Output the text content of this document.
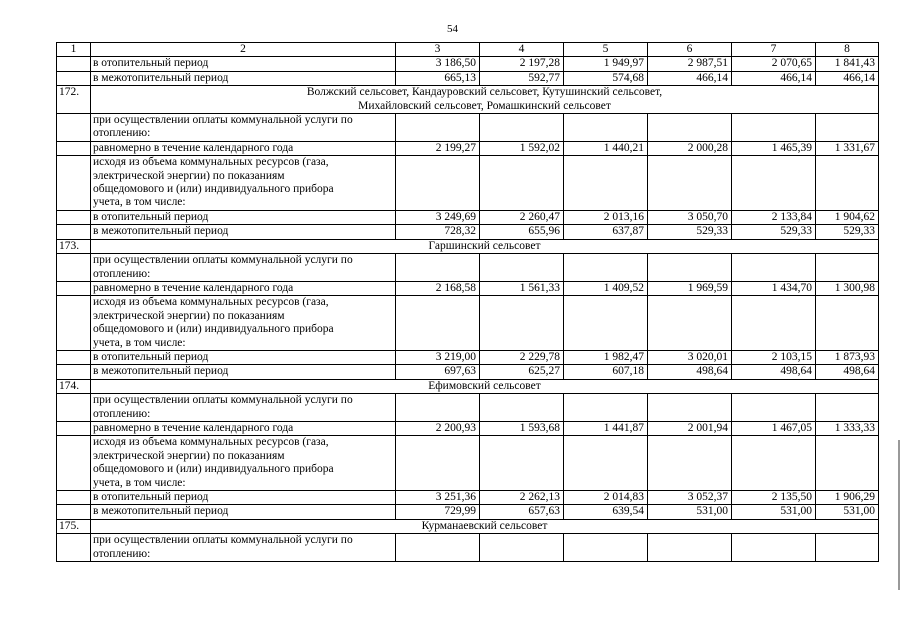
54
1	2	3	4	5	6	7	8
	в отопительный период	3 186,50	2 197,28	1 949,97	2 987,51	2 070,65	1 841,43
	в межотопительный период	665,13	592,77	574,68	466,14	466,14	466,14
172.	Волжский сельсовет, Кандауровский сельсовет, Кутушинский сельсовет,
Михайловский сельсовет, Ромашкинский сельсовет						

	при осуществлении оплаты коммунальной услуги по
отоплению:						

	равномерно в течение календарного года	2 199,27	1 592,02	1 440,21	2 000,28	1 465,39	1 331,67

	исходя из объема коммунальных ресурсов (газа,
электрической энергии) по показаниям
общедомового и (или) индивидуального прибора
учета, в том числе:						

	в отопительный период	3 249,69	2 260,47	2 013,16	3 050,70	2 133,84	1 904,62
	в межотопительный период	728,32	655,96	637,87	529,33	529,33	529,33
173.	Гаршинский сельсовет						

	при осуществлении оплаты коммунальной услуги по
отоплению:						

	равномерно в течение календарного года	2 168,58	1 561,33	1 409,52	1 969,59	1 434,70	1 300,98

	исходя из объема коммунальных ресурсов (газа,
электрической энергии) по показаниям
общедомового и (или) индивидуального прибора
учета, в том числе:						

	в отопительный период	3 219,00	2 229,78	1 982,47	3 020,01	2 103,15	1 873,93
	в межотопительный период	697,63	625,27	607,18	498,64	498,64	498,64
174.	Ефимовский сельсовет						

	при осуществлении оплаты коммунальной услуги по
отоплению:						

	равномерно в течение календарного года	2 200,93	1 593,68	1 441,87	2 001,94	1 467,05	1 333,33

	исходя из объема коммунальных ресурсов (газа,
электрической энергии) по показаниям
общедомового и (или) индивидуального прибора
учета, в том числе:						

	в отопительный период	3 251,36	2 262,13	2 014,83	3 052,37	2 135,50	1 906,29
	в межотопительный период	729,99	657,63	639,54	531,00	531,00	531,00
175.	Курманаевский сельсовет						

	при осуществлении оплаты коммунальной услуги по
отоплению:						
